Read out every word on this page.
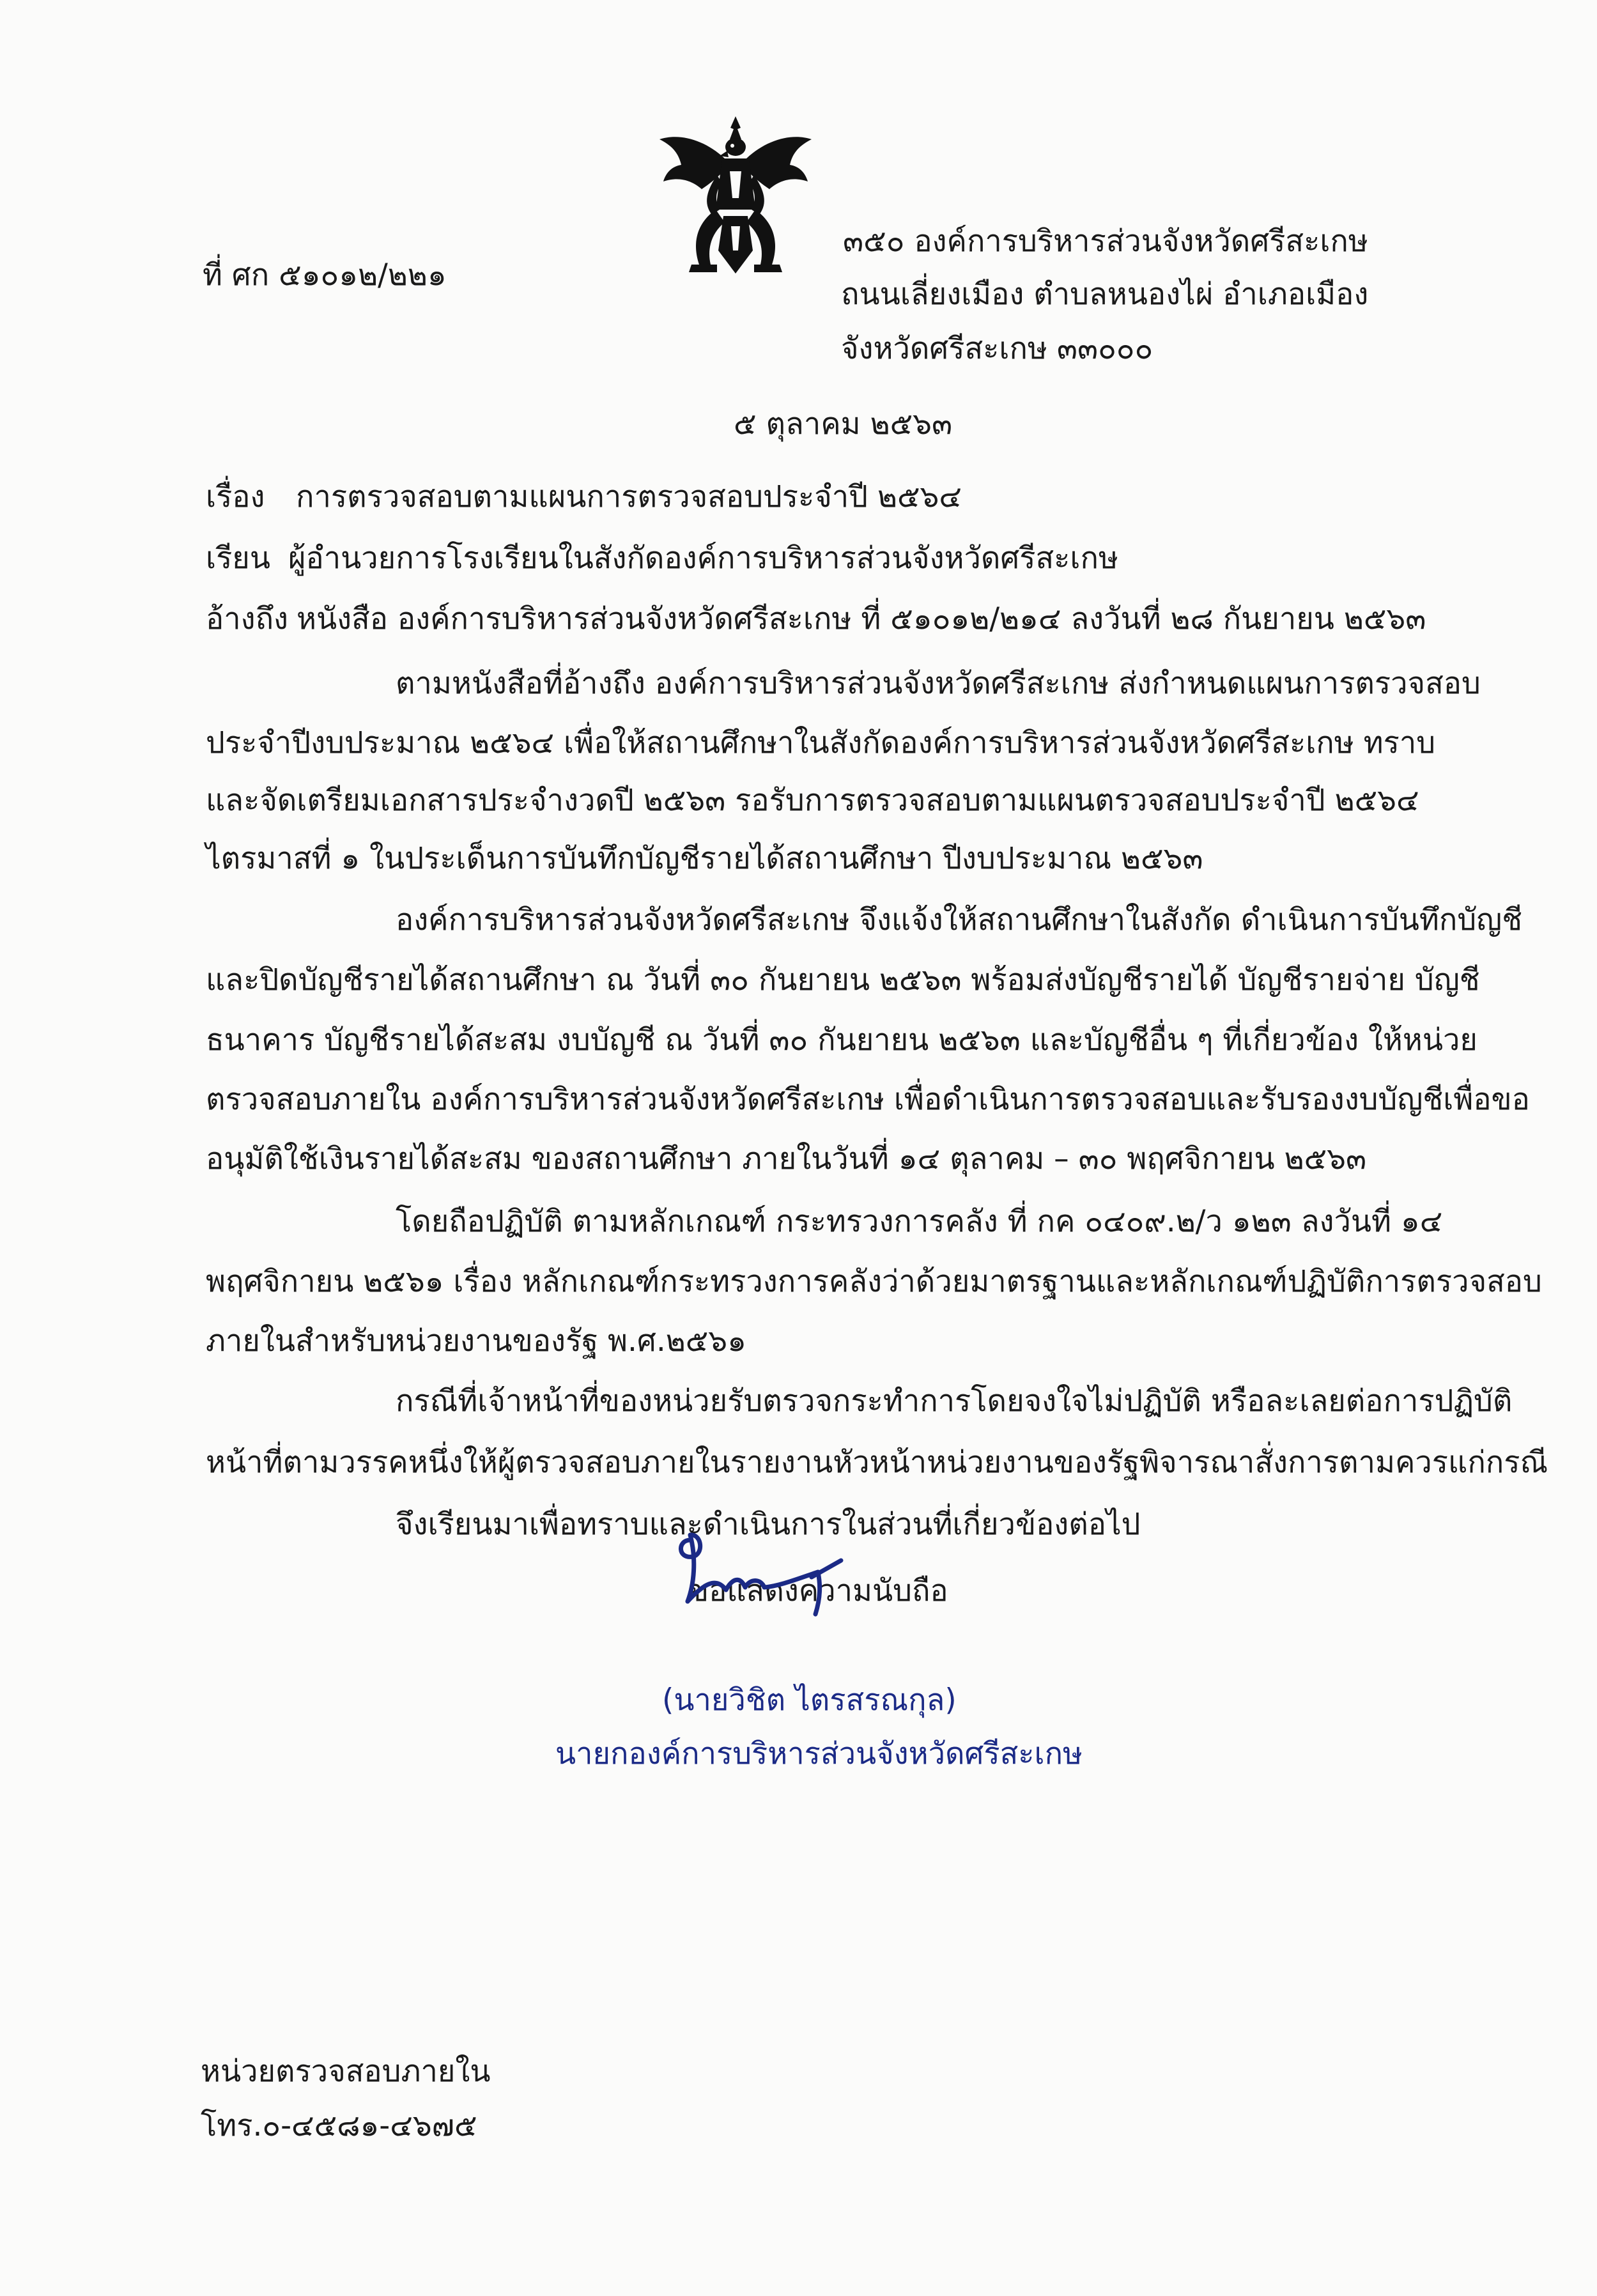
ที่ ศก ๕๑๐๑๒/๒๒๑
๓๕๐ องค์การบริหารส่วนจังหวัดศรีสะเกษ
ถนนเลี่ยงเมือง ตำบลหนองไผ่ อำเภอเมือง
จังหวัดศรีสะเกษ ๓๓๐๐๐
๕ ตุลาคม ๒๕๖๓
เรื่อง การตรวจสอบตามแผนการตรวจสอบประจำปี ๒๕๖๔
เรียน ผู้อำนวยการโรงเรียนในสังกัดองค์การบริหารส่วนจังหวัดศรีสะเกษ
อ้างถึง หนังสือ องค์การบริหารส่วนจังหวัดศรีสะเกษ ที่ ๕๑๐๑๒/๒๑๔ ลงวันที่ ๒๘ กันยายน ๒๕๖๓
ตามหนังสือที่อ้างถึง องค์การบริหารส่วนจังหวัดศรีสะเกษ ส่งกำหนดแผนการตรวจสอบ
ประจำปีงบประมาณ ๒๕๖๔ เพื่อให้สถานศึกษาในสังกัดองค์การบริหารส่วนจังหวัดศรีสะเกษ ทราบ
และจัดเตรียมเอกสารประจำงวดปี ๒๕๖๓ รอรับการตรวจสอบตามแผนตรวจสอบประจำปี ๒๕๖๔
ไตรมาสที่ ๑ ในประเด็นการบันทึกบัญชีรายได้สถานศึกษา ปีงบประมาณ ๒๕๖๓
องค์การบริหารส่วนจังหวัดศรีสะเกษ จึงแจ้งให้สถานศึกษาในสังกัด ดำเนินการบันทึกบัญชี
และปิดบัญชีรายได้สถานศึกษา ณ วันที่ ๓๐ กันยายน ๒๕๖๓ พร้อมส่งบัญชีรายได้ บัญชีรายจ่าย บัญชี
ธนาคาร บัญชีรายได้สะสม งบบัญชี ณ วันที่ ๓๐ กันยายน ๒๕๖๓ และบัญชีอื่น ๆ ที่เกี่ยวข้อง ให้หน่วย
ตรวจสอบภายใน องค์การบริหารส่วนจังหวัดศรีสะเกษ เพื่อดำเนินการตรวจสอบและรับรองงบบัญชีเพื่อขอ
อนุมัติใช้เงินรายได้สะสม ของสถานศึกษา ภายในวันที่ ๑๔ ตุลาคม – ๓๐ พฤศจิกายน ๒๕๖๓
โดยถือปฏิบัติ ตามหลักเกณฑ์ กระทรวงการคลัง ที่ กค ๐๔๐๙.๒/ว ๑๒๓ ลงวันที่ ๑๔
พฤศจิกายน ๒๕๖๑ เรื่อง หลักเกณฑ์กระทรวงการคลังว่าด้วยมาตรฐานและหลักเกณฑ์ปฏิบัติการตรวจสอบ
ภายในสำหรับหน่วยงานของรัฐ พ.ศ.๒๕๖๑
กรณีที่เจ้าหน้าที่ของหน่วยรับตรวจกระทำการโดยจงใจไม่ปฏิบัติ หรือละเลยต่อการปฏิบัติ
หน้าที่ตามวรรคหนึ่งให้ผู้ตรวจสอบภายในรายงานหัวหน้าหน่วยงานของรัฐพิจารณาสั่งการตามควรแก่กรณี
จึงเรียนมาเพื่อทราบและดำเนินการในส่วนที่เกี่ยวข้องต่อไป
ขอแสดงความนับถือ
(นายวิชิต ไตรสรณกุล)
นายกองค์การบริหารส่วนจังหวัดศรีสะเกษ
หน่วยตรวจสอบภายใน
โทร.๐-๔๕๘๑-๔๖๗๕
